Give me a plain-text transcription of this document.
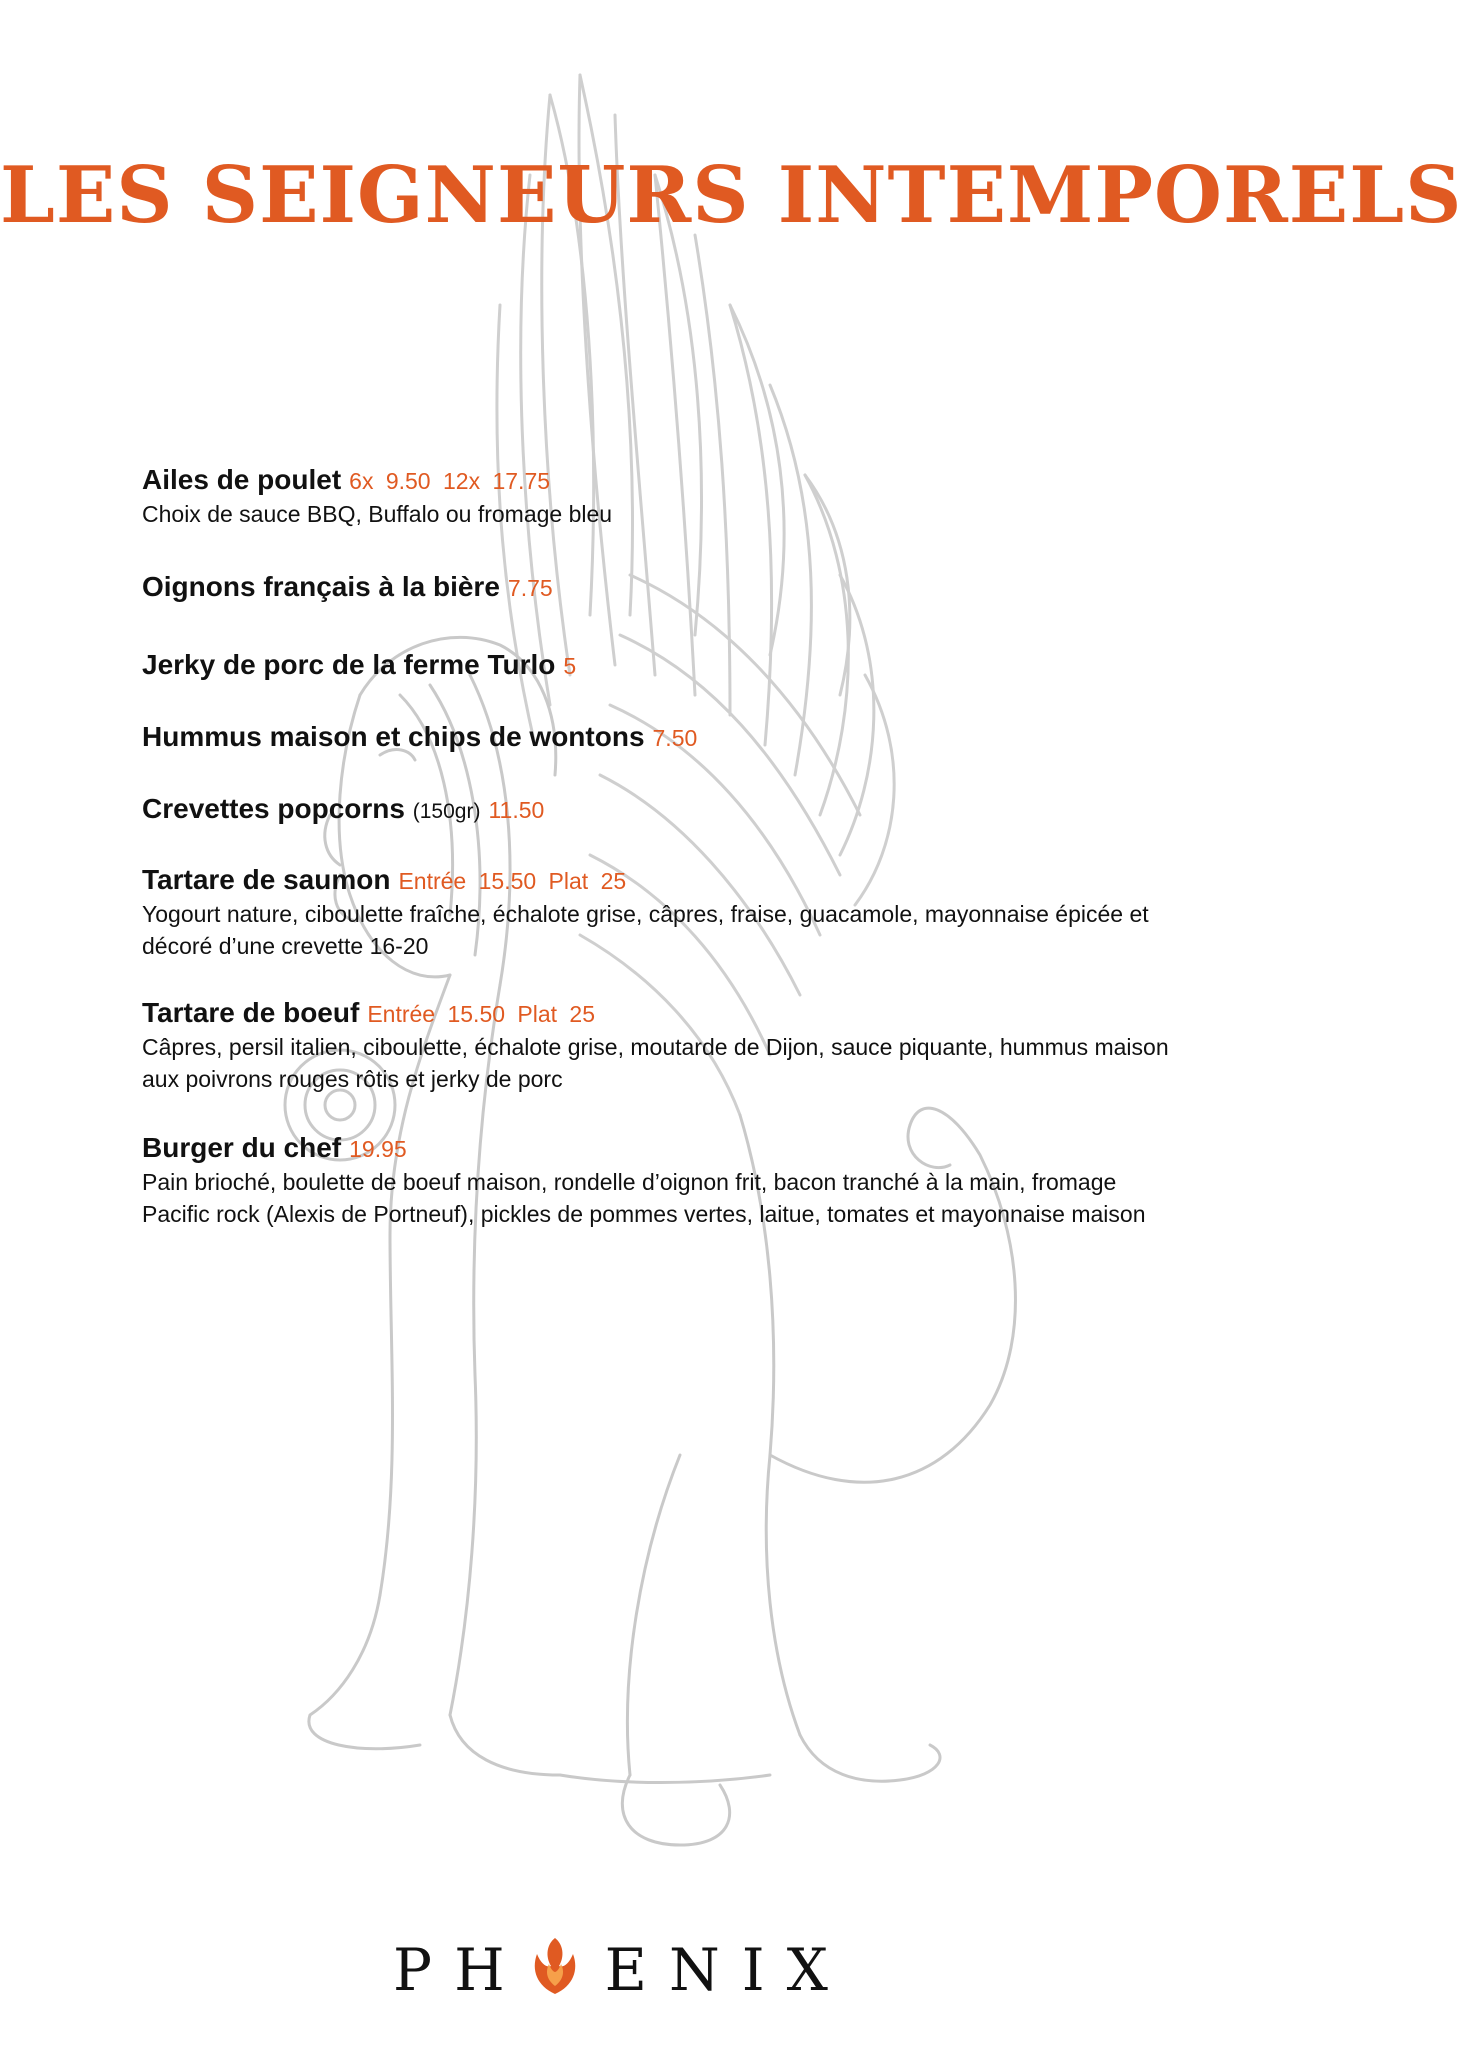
LES SEIGNEURS INTEMPORELS
Ailes de poulet 6x 9.50 12x 17.75
Choix de sauce BBQ, Buffalo ou fromage bleu
Oignons français à la bière 7.75
Jerky de porc de la ferme Turlo 5
Hummus maison et chips de wontons 7.50
Crevettes popcorns (150gr) 11.50
Tartare de saumon Entrée 15.50 Plat 25
Yogourt nature, ciboulette fraîche, échalote grise, câpres, fraise, guacamole, mayonnaise épicée et décoré d’une crevette 16-20
Tartare de boeuf Entrée 15.50 Plat 25
Câpres, persil italien, ciboulette, échalote grise, moutarde de Dijon, sauce piquante, hummus maison aux poivrons rouges rôtis et jerky de porc
Burger du chef 19.95
Pain brioché, boulette de boeuf maison, rondelle d’oignon frit, bacon tranché à la main, fromage Pacific rock (Alexis de Portneuf), pickles de pommes vertes, laitue, tomates et mayonnaise maison
PH ENIX
